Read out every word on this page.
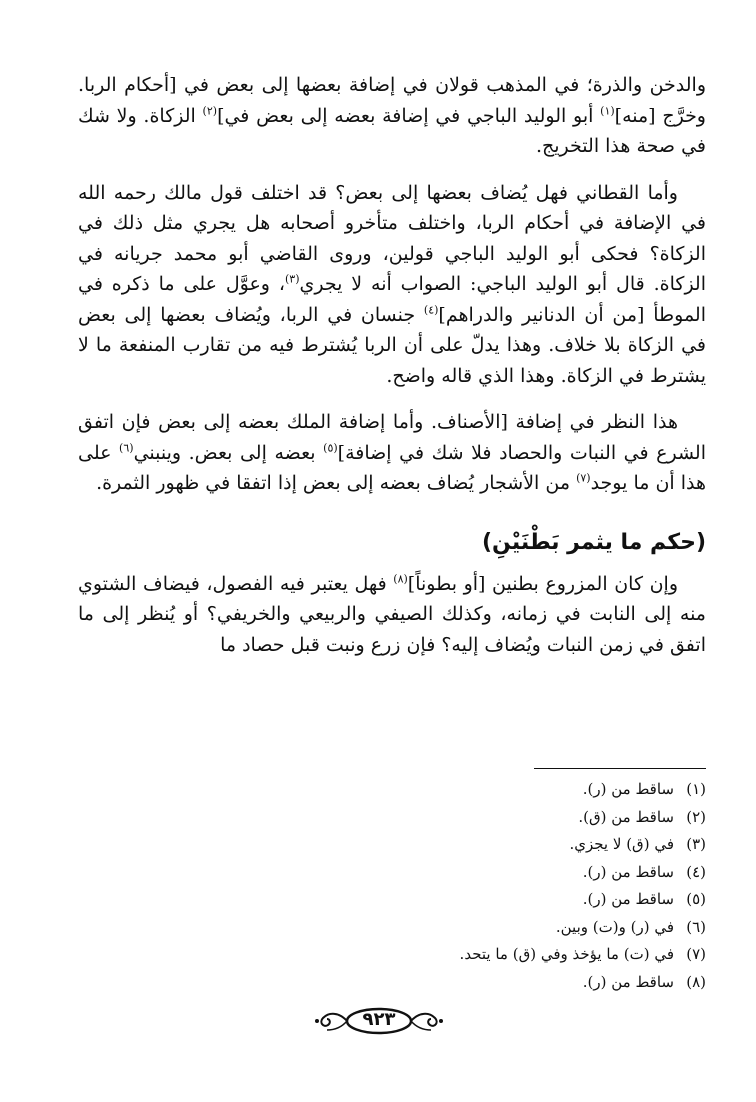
والدخن والذرة؛ في المذهب قولان في إضافة بعضها إلى بعض في [أحكام الربا. وخرَّج [منه]$^{(١)}$ أبو الوليد الباجي في إضافة بعضه إلى بعض في]$^{(٢)}$ الزكاة. ولا شك في صحة هذا التخريج.

وأما القطاني فهل يُضاف بعضها إلى بعض؟ قد اختلف قول مالك رحمه الله في الإضافة في أحكام الربا، واختلف متأخرو أصحابه هل يجري مثل ذلك في الزكاة؟ فحكى أبو الوليد الباجي قولين، وروى القاضي أبو محمد جريانه في الزكاة. قال أبو الوليد الباجي: الصواب أنه لا يجري$^{(٣)}$، وعوَّل على ما ذكره في الموطأ [من أن الدنانير والدراهم]$^{(٤)}$ جنسان في الربا، ويُضاف بعضها إلى بعض في الزكاة بلا خلاف. وهذا يدلّ على أن الربا يُشترط فيه من تقارب المنفعة ما لا يشترط في الزكاة. وهذا الذي قاله واضح.

هذا النظر في إضافة [الأصناف. وأما إضافة الملك بعضه إلى بعض فإن اتفق الشرع في النبات والحصاد فلا شك في إضافة]$^{(٥)}$ بعضه إلى بعض. وينبني$^{(٦)}$ على هذا أن ما يوجد$^{(٧)}$ من الأشجار يُضاف بعضه إلى بعض إذا اتفقا في ظهور الثمرة.

(حكم ما يثمر بَطْنَيْنِ)

وإن كان المزروع بطنين [أو بطوناً]$^{(٨)}$ فهل يعتبر فيه الفصول، فيضاف الشتوي منه إلى النابت في زمانه، وكذلك الصيفي والربيعي والخريفي؟ أو يُنظر إلى ما اتفق في زمن النبات ويُضاف إليه؟ فإن زرع ونبت قبل حصاد ما

(١)ساقط من (ر).
(٢)ساقط من (ق).
(٣)في (ق) لا يجزي.
(٤)ساقط من (ر).
(٥)ساقط من (ر).
(٦)في (ر) و(ت) وبين.
(٧)في (ت) ما يؤخذ وفي (ق) ما يتحد.
(٨)ساقط من (ر).
٩٢٣
